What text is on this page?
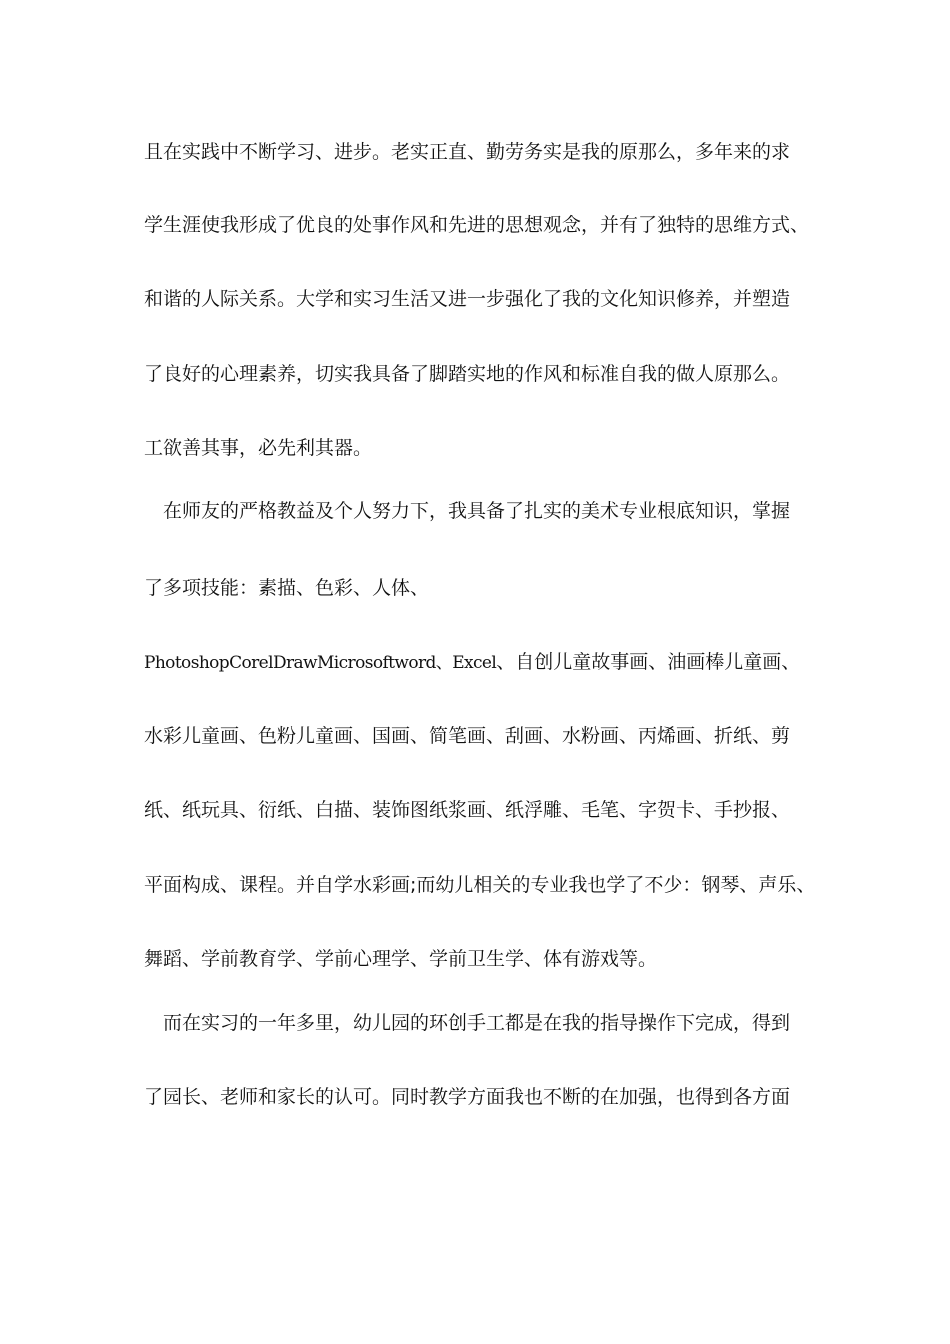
且在实践中不断学习、进步。老实正直、勤劳务实是我的原那么，多年来的求
学生涯使我形成了优良的处事作风和先进的思想观念，并有了独特的思维方式、
和谐的人际关系。大学和实习生活又进一步强化了我的文化知识修养，并塑造
了良好的心理素养，切实我具备了脚踏实地的作风和标准自我的做人原那么。
工欲善其事，必先利其器。
　在师友的严格教益及个人努力下，我具备了扎实的美术专业根底知识，掌握
了多项技能：素描、色彩、人体、
PhotoshopCorelDrawMicrosoftword、Excel、自创儿童故事画、油画棒儿童画、
水彩儿童画、色粉儿童画、国画、简笔画、刮画、水粉画、丙烯画、折纸、剪
纸、纸玩具、衍纸、白描、装饰图纸浆画、纸浮雕、毛笔、字贺卡、手抄报、
平面构成、课程。并自学水彩画;而幼儿相关的专业我也学了不少：钢琴、声乐、
舞蹈、学前教育学、学前心理学、学前卫生学、体有游戏等。
　而在实习的一年多里，幼儿园的环创手工都是在我的指导操作下完成，得到
了园长、老师和家长的认可。同时教学方面我也不断的在加强，也得到各方面
